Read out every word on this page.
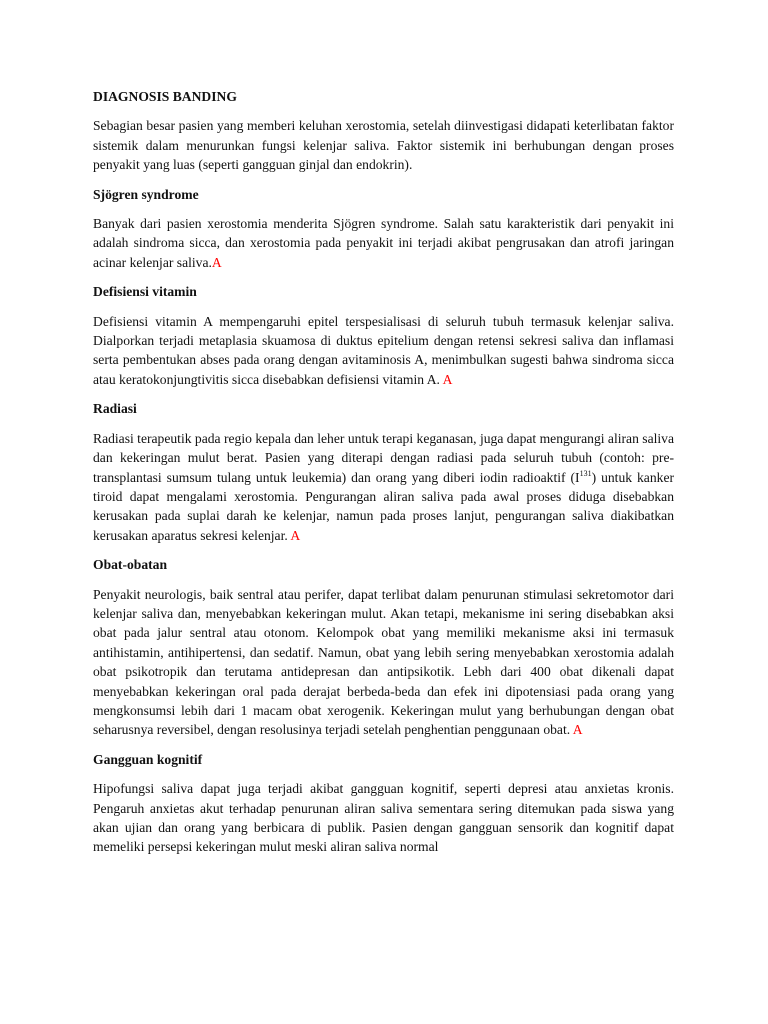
DIAGNOSIS BANDING

Sebagian besar pasien yang memberi keluhan xerostomia, setelah diinvestigasi didapati keterlibatan faktor sistemik dalam menurunkan fungsi kelenjar saliva. Faktor sistemik ini berhubungan dengan proses penyakit yang luas (seperti gangguan ginjal dan endokrin).

Sjögren syndrome

Banyak dari pasien xerostomia menderita Sjögren syndrome. Salah satu karakteristik dari penyakit ini adalah sindroma sicca, dan xerostomia pada penyakit ini terjadi akibat pengrusakan dan atrofi jaringan acinar kelenjar saliva.A

Defisiensi vitamin

Defisiensi vitamin A mempengaruhi epitel terspesialisasi di seluruh tubuh termasuk kelenjar saliva. Dialporkan terjadi metaplasia skuamosa di duktus epitelium dengan retensi sekresi saliva dan inflamasi serta pembentukan abses pada orang dengan avitaminosis A, menimbulkan sugesti bahwa sindroma sicca atau keratokonjungtivitis sicca disebabkan defisiensi vitamin A. A

Radiasi

Radiasi terapeutik pada regio kepala dan leher untuk terapi keganasan, juga dapat mengurangi aliran saliva dan kekeringan mulut berat. Pasien yang diterapi dengan radiasi pada seluruh tubuh (contoh: pre-transplantasi sumsum tulang untuk leukemia) dan orang yang diberi iodin radioaktif $(I^{131})$ untuk kanker tiroid dapat mengalami xerostomia. Pengurangan aliran saliva pada awal proses diduga disebabkan kerusakan pada suplai darah ke kelenjar, namun pada proses lanjut, pengurangan saliva diakibatkan kerusakan aparatus sekresi kelenjar. A

Obat-obatan

Penyakit neurologis, baik sentral atau perifer, dapat terlibat dalam penurunan stimulasi sekretomotor dari kelenjar saliva dan, menyebabkan kekeringan mulut. Akan tetapi, mekanisme ini sering disebabkan aksi obat pada jalur sentral atau otonom. Kelompok obat yang memiliki mekanisme aksi ini termasuk antihistamin, antihipertensi, dan sedatif. Namun, obat yang lebih sering menyebabkan xerostomia adalah obat psikotropik dan terutama antidepresan dan antipsikotik. Lebh dari 400 obat dikenali dapat menyebabkan kekeringan oral pada derajat berbeda-beda dan efek ini dipotensiasi pada orang yang mengkonsumsi lebih dari 1 macam obat xerogenik. Kekeringan mulut yang berhubungan dengan obat seharusnya reversibel, dengan resolusinya terjadi setelah penghentian penggunaan obat. A

Gangguan kognitif

Hipofungsi saliva dapat juga terjadi akibat gangguan kognitif, seperti depresi atau anxietas kronis. Pengaruh anxietas akut terhadap penurunan aliran saliva sementara sering ditemukan pada siswa yang akan ujian dan orang yang berbicara di publik. Pasien dengan gangguan sensorik dan kognitif dapat memeliki persepsi kekeringan mulut meski aliran saliva normal
